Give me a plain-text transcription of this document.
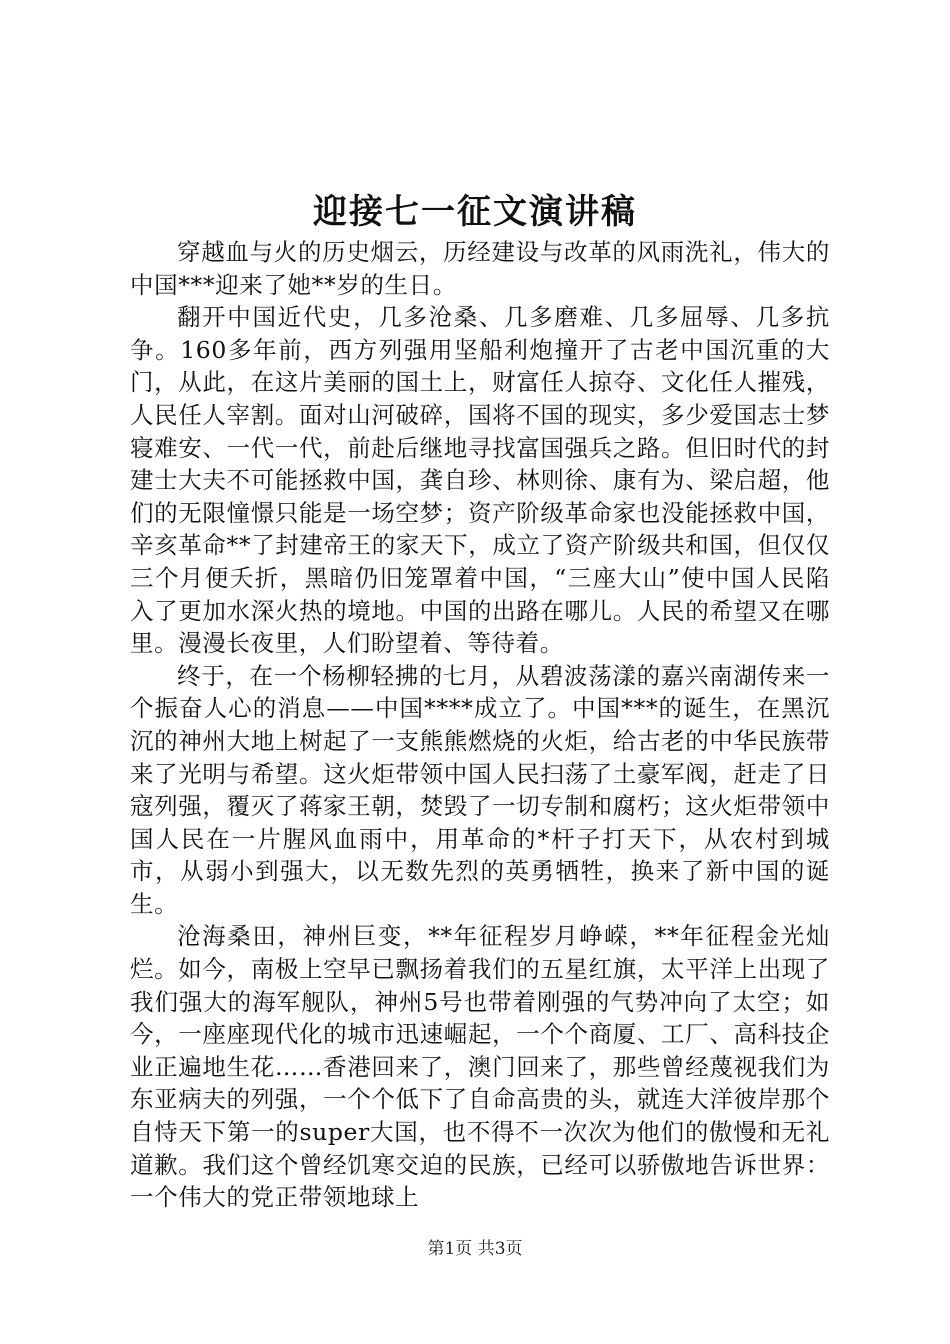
迎接七一征文演讲稿

穿越血与火的历史烟云，历经建设与改革的风雨洗礼，伟大的中国***迎来了她**岁的生日。

翻开中国近代史，几多沧桑、几多磨难、几多屈辱、几多抗争。160多年前，西方列强用坚船利炮撞开了古老中国沉重的大门，从此，在这片美丽的国土上，财富任人掠夺、文化任人摧残，人民任人宰割。面对山河破碎，国将不国的现实，多少爱国志士梦寝难安、一代一代，前赴后继地寻找富国强兵之路。但旧时代的封建士大夫不可能拯救中国，龚自珍、林则徐、康有为、梁启超，他们的无限憧憬只能是一场空梦；资产阶级革命家也没能拯救中国，辛亥革命**了封建帝王的家天下，成立了资产阶级共和国，但仅仅三个月便夭折，黑暗仍旧笼罩着中国，“三座大山”使中国人民陷入了更加水深火热的境地。中国的出路在哪儿。人民的希望又在哪里。漫漫长夜里，人们盼望着、等待着。

终于，在一个杨柳轻拂的七月，从碧波荡漾的嘉兴南湖传来一个振奋人心的消息——中国****成立了。中国***的诞生，在黑沉沉的神州大地上树起了一支熊熊燃烧的火炬，给古老的中华民族带来了光明与希望。这火炬带领中国人民扫荡了土豪军阀，赶走了日寇列强，覆灭了蒋家王朝，焚毁了一切专制和腐朽；这火炬带领中国人民在一片腥风血雨中，用革命的*杆子打天下，从农村到城市，从弱小到强大，以无数先烈的英勇牺牲，换来了新中国的诞生。

沧海桑田，神州巨变，**年征程岁月峥嵘，**年征程金光灿烂。如今，南极上空早已飘扬着我们的五星红旗，太平洋上出现了我们强大的海军舰队，神州5号也带着刚强的气势冲向了太空；如今，一座座现代化的城市迅速崛起，一个个商厦、工厂、高科技企业正遍地生花……香港回来了，澳门回来了，那些曾经蔑视我们为东亚病夫的列强，一个个低下了自命高贵的头，就连大洋彼岸那个自恃天下第一的super大国，也不得不一次次为他们的傲慢和无礼道歉。我们这个曾经饥寒交迫的民族，已经可以骄傲地告诉世界：一个伟大的党正带领地球上

第1页 共3页
